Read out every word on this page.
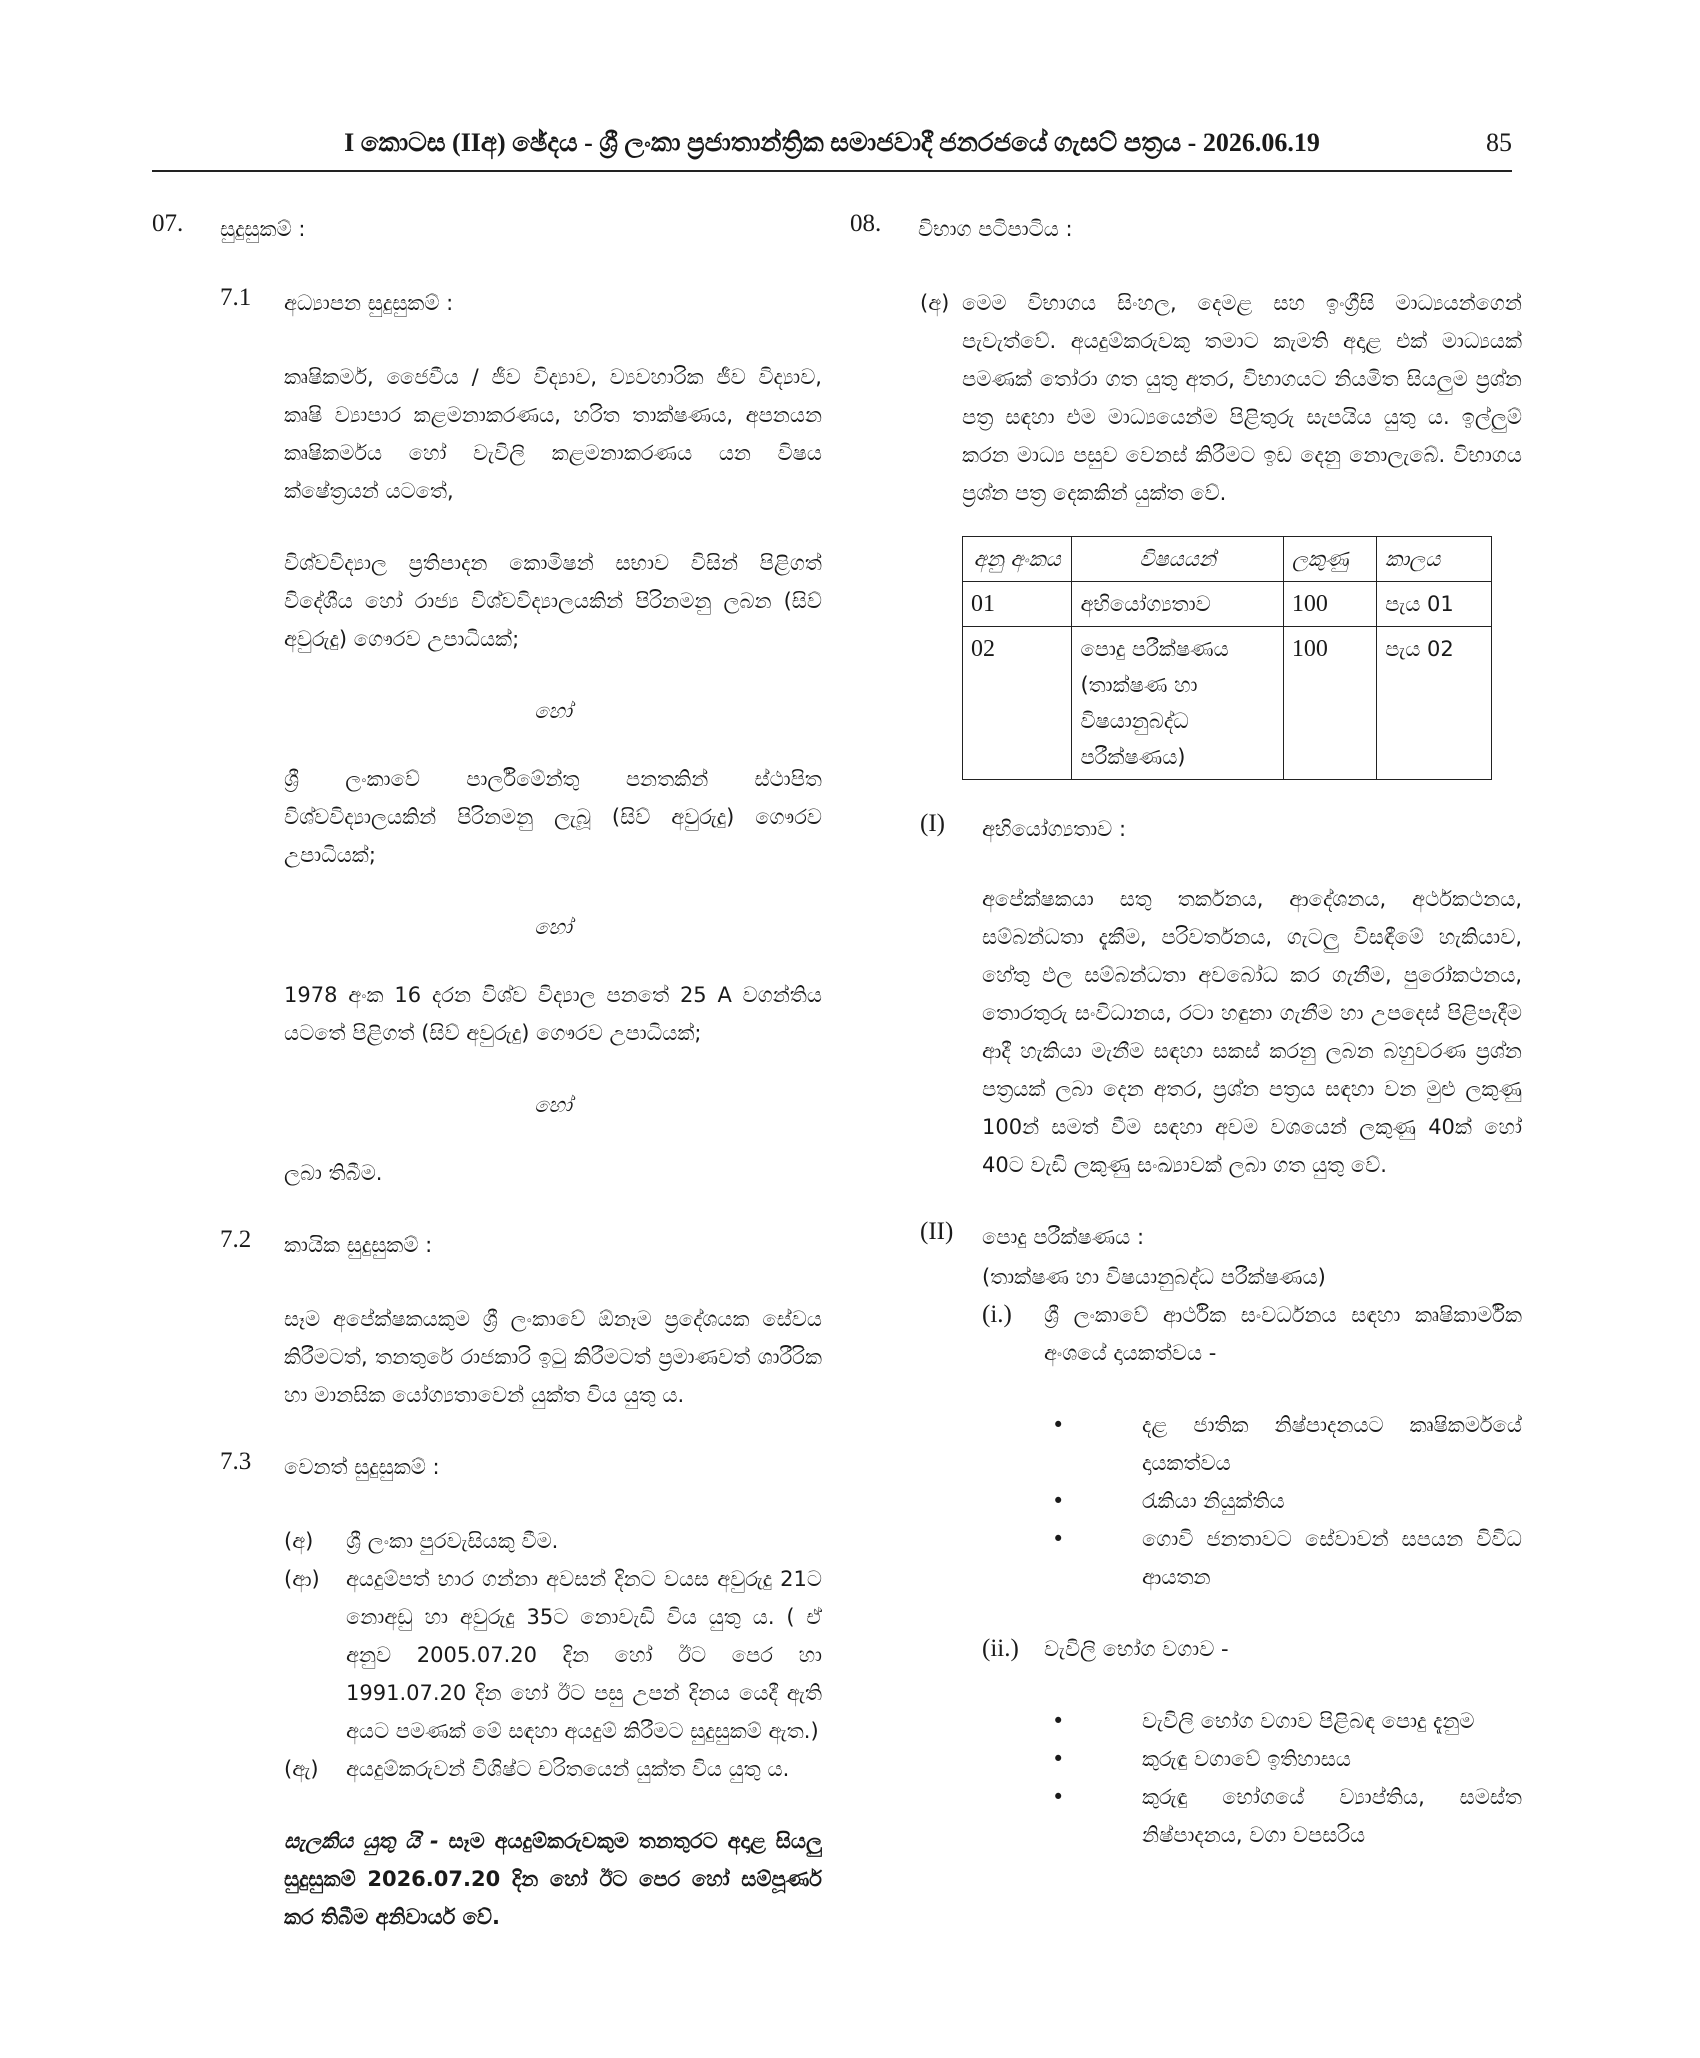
I කොටස (IIඅ) ඡේදය - ශ්‍රී ලංකා ප්‍රජාතාන්ත්‍රික සමාජවාදී ජනරජයේ ගැසට් පත්‍රය - 2026.06.19	85
07. සුදුසුකම් :
7.1 අධ්‍යාපන සුදුසුකම් :
කෘෂිකර්ම, ජෛවීය / ජීව විද්‍යාව, ව්‍යවහාරික ජීව විද්‍යාව, කෘෂි ව්‍යාපාර කළමනාකරණය, හරිත තාක්ෂණය, අපනයන කෘෂිකර්මය හෝ වැවිලි කළමනාකරණය යන විෂය ක්ෂේත්‍රයන් යටතේ,
විශ්වවිද්‍යාල ප්‍රතිපාදන කොමිෂන් සභාව විසින් පිළිගත් විදේශීය හෝ රාජ්‍ය විශ්වවිද්‍යාලයකින් පිරිනමනු ලබන (සිව් අවුරුදු) ගෞරව උපාධියක්;
හෝ
ශ්‍රී ලංකාවේ පාර්ලිමේන්තු පනතකින් ස්ථාපිත විශ්වවිද්‍යාලයකින් පිරිනමනු ලැබූ (සිව් අවුරුදු) ගෞරව උපාධියක්;
හෝ
1978 අංක 16 දරන විශ්ව විද්‍යාල පනතේ 25 A වගන්තිය යටතේ පිළිගත් (සිව් අවුරුදු) ගෞරව උපාධියක්;
හෝ
ලබා තිබීම.
7.2 කායික සුදුසුකම් :
සෑම අපේක්ෂකයකුම ශ්‍රී ලංකාවේ ඕනෑම ප්‍රදේශයක සේවය කිරීමටත්, තනතුරේ රාජකාරි ඉටු කිරීමටත් ප්‍රමාණවත් ශාරීරික හා මානසික යෝග්‍යතාවෙන් යුක්ත විය යුතු ය.
7.3 වෙනත් සුදුසුකම් :
(අ) ශ්‍රී ලංකා පුරවැසියකු වීම.
(ආ) අයදුම්පත් භාර ගන්නා අවසන් දිනට වයස අවුරුදු 21ට නොඅඩු හා අවුරුදු 35ට නොවැඩි විය යුතු ය. ( ඒ අනුව 2005.07.20 දින හෝ ඊට පෙර හා 1991.07.20 දින හෝ ඊට පසු උපන් දිනය යෙදී ඇති අයට පමණක් මේ සඳහා අයදුම් කිරීමට සුදුසුකම් ඇත.)
(ඇ) අයදුම්කරුවන් විශිෂ්ට චරිතයෙන් යුක්ත විය යුතු ය.
සැලකිය යුතු යි - සෑම අයදුම්කරුවකුම තනතුරට අදාළ සියලු සුදුසුකම් 2026.07.20 දින හෝ ඊට පෙර හෝ සම්පූර්ණ කර තිබීම අනිවාර්ය වේ.
08. විභාග පටිපාටිය :
(අ) මෙම විභාගය සිංහල, දෙමළ සහ ඉංග්‍රීසි මාධ්‍යයන්ගෙන් පැවැත්වේ. අයදුම්කරුවකු තමාට කැමති අදාළ එක් මාධ්‍යයක් පමණක් තෝරා ගත යුතු අතර, විභාගයට නියමිත සියලුම ප්‍රශ්න පත්‍ර සඳහා එම මාධ්‍යයෙන්ම පිළිතුරු සැපයිය යුතු ය. ඉල්ලුම් කරන මාධ්‍ය පසුව වෙනස් කිරීමට ඉඩ දෙනු නොලැබේ. විභාගය ප්‍රශ්න පත්‍ර දෙකකින් යුක්ත වේ.
අනු අංකය	විෂයයන්	ලකුණු	කාලය
01	අභියෝග්‍යතාව	100	පැය 01
02	පොදු පරීක්ෂණය (තාක්ෂණ හා විෂයානුබද්ධ පරීක්ෂණය)	100	පැය 02
(I) අභියෝග්‍යතාව :
අපේක්ෂකයා සතු තර්කනය, ආදේශනය, අර්ථකථනය, සම්බන්ධතා දැකීම, පරිවර්තනය, ගැටලු විසඳීමේ හැකියාව, හේතු ඵල සම්බන්ධතා අවබෝධ කර ගැනීම, පුරෝකථනය, තොරතුරු සංවිධානය, රටා හඳුනා ගැනීම හා උපදෙස් පිළිපැදීම ආදී හැකියා මැනීම සඳහා සකස් කරනු ලබන බහුවරණ ප්‍රශ්න පත්‍රයක් ලබා දෙන අතර, ප්‍රශ්න පත්‍රය සඳහා වන මුළු ලකුණු 100න් සමත් වීම සඳහා අවම වශයෙන් ලකුණු 40ක් හෝ 40ට වැඩි ලකුණු සංඛ්‍යාවක් ලබා ගත යුතු වේ.
(II) පොදු පරීක්ෂණය :
(තාක්ෂණ හා විෂයානුබද්ධ පරීක්ෂණය)
(i.) ශ්‍රී ලංකාවේ ආර්ථික සංවර්ධනය සඳහා කෘෂිකාර්මික අංශයේ දායකත්වය -
•	දළ ජාතික නිෂ්පාදනයට කෘෂිකර්මයේ දායකත්වය
•	රැකියා නියුක්තිය
•	ගොවි ජනතාවට සේවාවන් සපයන විවිධ ආයතන
(ii.) වැවිලි භෝග වගාව -
•	වැවිලි භෝග වගාව පිළිබඳ පොදු දැනුම
•	කුරුඳු වගාවේ ඉතිහාසය
•	කුරුඳු භෝගයේ ව්‍යාප්තිය, සමස්ත නිෂ්පාදනය, වගා වපසරිය
